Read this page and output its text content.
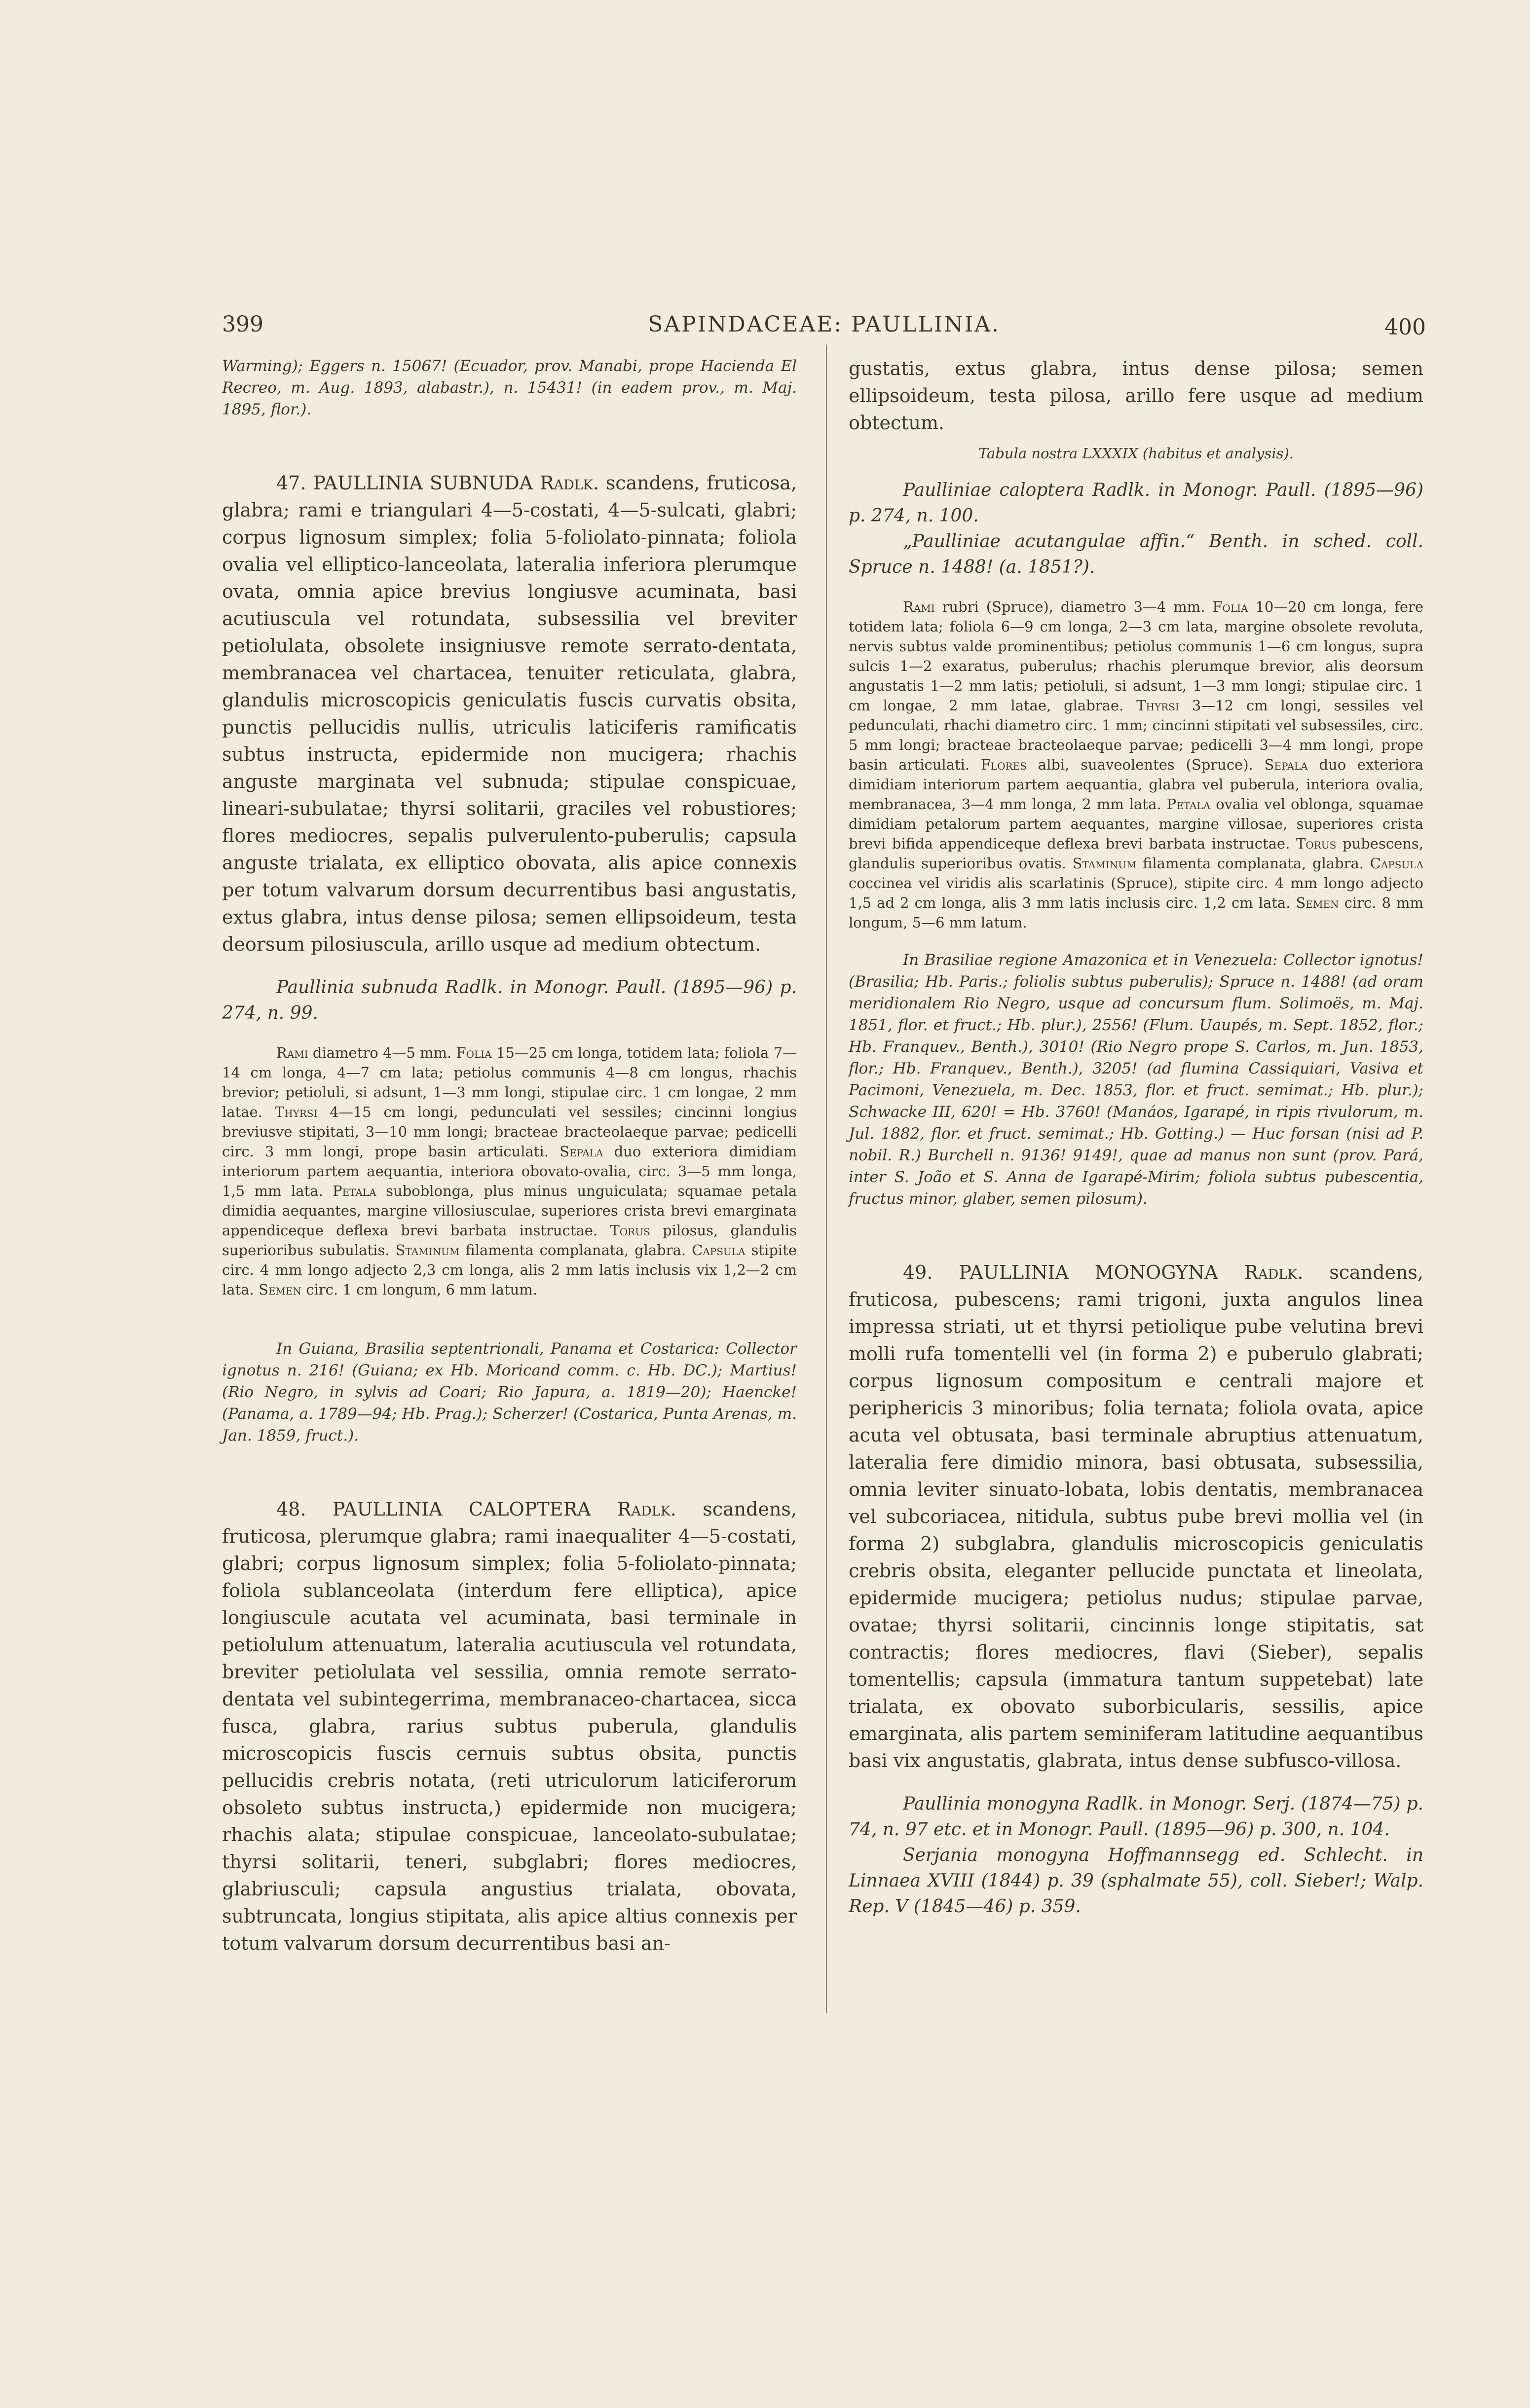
399	SAPINDACEAE: PAULLINIA.	400

Warming); Eggers n. 15067! (Ecuador, prov. Manabi, prope Hacienda El Recreo, m. Aug. 1893, alabastr.), n. 15431! (in eadem prov., m. Maj. 1895, flor.).

47. PAULLINIA SUBNUDA Radlk. scandens, fruticosa, glabra; rami e triangulari 4—5-costati, 4—5-sulcati, glabri; corpus lignosum simplex; folia 5-foliolato-pinnata; foliola ovalia vel elliptico-lanceolata, lateralia inferiora plerumque ovata, omnia apice brevius longiusve acuminata, basi acutiuscula vel rotundata, subsessilia vel breviter petiolulata, obsolete insigniusve remote serrato-dentata, membranacea vel chartacea, tenuiter reticulata, glabra, glandulis microscopicis geniculatis fuscis curvatis obsita, punctis pellucidis nullis, utriculis laticiferis ramificatis subtus instructa, epidermide non mucigera; rhachis anguste marginata vel subnuda; stipulae conspicuae, lineari-subulatae; thyrsi solitarii, graciles vel robustiores; flores mediocres, sepalis pulverulento-puberulis; capsula anguste trialata, ex elliptico obovata, alis apice connexis per totum valvarum dorsum decurrentibus basi angustatis, extus glabra, intus dense pilosa; semen ellipsoideum, testa deorsum pilosiuscula, arillo usque ad medium obtectum.

Paullinia subnuda Radlk. in Monogr. Paull. (1895—96) p. 274, n. 99.

Rami diametro 4—5 mm. Folia 15—25 cm longa, totidem lata; foliola 7—14 cm longa, 4—7 cm lata; petiolus communis 4—8 cm longus, rhachis brevior; petioluli, si adsunt, 1—3 mm longi, stipulae circ. 1 cm longae, 2 mm latae. Thyrsi 4—15 cm longi, pedunculati vel sessiles; cincinni longius breviusve stipitati, 3—10 mm longi; bracteae bracteolaeque parvae; pedicelli circ. 3 mm longi, prope basin articulati. Sepala duo exteriora dimidiam interiorum partem aequantia, interiora obovato-ovalia, circ. 3—5 mm longa, 1,5 mm lata. Petala suboblonga, plus minus unguiculata; squamae petala dimidia aequantes, margine villosiusculae, superiores crista brevi emarginata appendiceque deflexa brevi barbata instructae. Torus pilosus, glandulis superioribus subulatis. Staminum filamenta complanata, glabra. Capsula stipite circ. 4 mm longo adjecto 2,3 cm longa, alis 2 mm latis inclusis vix 1,2—2 cm lata. Semen circ. 1 cm longum, 6 mm latum.

In Guiana, Brasilia septentrionali, Panama et Costarica: Collector ignotus n. 216! (Guiana; ex Hb. Moricand comm. c. Hb. DC.); Martius! (Rio Negro, in sylvis ad Coari; Rio Japura, a. 1819—20); Haencke! (Panama, a. 1789—94; Hb. Prag.); Scherzer! (Costarica, Punta Arenas, m. Jan. 1859, fruct.).

48. PAULLINIA CALOPTERA Radlk. scandens, fruticosa, plerumque glabra; rami inaequaliter 4—5-costati, glabri; corpus lignosum simplex; folia 5-foliolato-pinnata; foliola sublanceolata (interdum fere elliptica), apice longiuscule acutata vel acuminata, basi terminale in petiolulum attenuatum, lateralia acutiuscula vel rotundata, breviter petiolulata vel sessilia, omnia remote serrato-dentata vel subintegerrima, membranaceo-chartacea, sicca fusca, glabra, rarius subtus puberula, glandulis microscopicis fuscis cernuis subtus obsita, punctis pellucidis crebris notata, (reti utriculorum laticiferorum obsoleto subtus instructa,) epidermide non mucigera; rhachis alata; stipulae conspicuae, lanceolato-subulatae; thyrsi solitarii, teneri, subglabri; flores mediocres, glabriusculi; capsula angustius trialata, obovata, subtruncata, longius stipitata, alis apice altius connexis per totum valvarum dorsum decurrentibus basi an-

gustatis, extus glabra, intus dense pilosa; semen ellipsoideum, testa pilosa, arillo fere usque ad medium obtectum.

Tabula nostra LXXXIX (habitus et analysis).

Paulliniae caloptera Radlk. in Monogr. Paull. (1895—96) p. 274, n. 100.

„Paulliniae acutangulae affin.“ Benth. in sched. coll. Spruce n. 1488! (a. 1851?).

Rami rubri (Spruce), diametro 3—4 mm. Folia 10—20 cm longa, fere totidem lata; foliola 6—9 cm longa, 2—3 cm lata, margine obsolete revoluta, nervis subtus valde prominentibus; petiolus communis 1—6 cm longus, supra sulcis 1—2 exaratus, puberulus; rhachis plerumque brevior, alis deorsum angustatis 1—2 mm latis; petioluli, si adsunt, 1—3 mm longi; stipulae circ. 1 cm longae, 2 mm latae, glabrae. Thyrsi 3—12 cm longi, sessiles vel pedunculati, rhachi diametro circ. 1 mm; cincinni stipitati vel subsessiles, circ. 5 mm longi; bracteae bracteolaeque parvae; pedicelli 3—4 mm longi, prope basin articulati. Flores albi, suaveolentes (Spruce). Sepala duo exteriora dimidiam interiorum partem aequantia, glabra vel puberula, interiora ovalia, membranacea, 3—4 mm longa, 2 mm lata. Petala ovalia vel oblonga, squamae dimidiam petalorum partem aequantes, margine villosae, superiores crista brevi bifida appendiceque deflexa brevi barbata instructae. Torus pubescens, glandulis superioribus ovatis. Staminum filamenta complanata, glabra. Capsula coccinea vel viridis alis scarlatinis (Spruce), stipite circ. 4 mm longo adjecto 1,5 ad 2 cm longa, alis 3 mm latis inclusis circ. 1,2 cm lata. Semen circ. 8 mm longum, 5—6 mm latum.

In Brasiliae regione Amazonica et in Venezuela: Collector ignotus! (Brasilia; Hb. Paris.; foliolis subtus puberulis); Spruce n. 1488! (ad oram meridionalem Rio Negro, usque ad concursum flum. Solimoës, m. Maj. 1851, flor. et fruct.; Hb. plur.), 2556! (Flum. Uaupés, m. Sept. 1852, flor.; Hb. Franquev., Benth.), 3010! (Rio Negro prope S. Carlos, m. Jun. 1853, flor.; Hb. Franquev., Benth.), 3205! (ad flumina Cassiquiari, Vasiva et Pacimoni, Venezuela, m. Dec. 1853, flor. et fruct. semimat.; Hb. plur.); Schwacke III, 620! = Hb. 3760! (Manáos, Igarapé, in ripis rivulorum, m. Jul. 1882, flor. et fruct. semimat.; Hb. Gotting.) — Huc forsan (nisi ad P. nobil. R.) Burchell n. 9136! 9149!, quae ad manus non sunt (prov. Pará, inter S. João et S. Anna de Igarapé-Mirim; foliola subtus pubescentia, fructus minor, glaber, semen pilosum).

49. PAULLINIA MONOGYNA Radlk. scandens, fruticosa, pubescens; rami trigoni, juxta angulos linea impressa striati, ut et thyrsi petiolique pube velutina brevi molli rufa tomentelli vel (in forma 2) e puberulo glabrati; corpus lignosum compositum e centrali majore et periphericis 3 minoribus; folia ternata; foliola ovata, apice acuta vel obtusata, basi terminale abruptius attenuatum, lateralia fere dimidio minora, basi obtusata, subsessilia, omnia leviter sinuato-lobata, lobis dentatis, membranacea vel subcoriacea, nitidula, subtus pube brevi mollia vel (in forma 2) subglabra, glandulis microscopicis geniculatis crebris obsita, eleganter pellucide punctata et lineolata, epidermide mucigera; petiolus nudus; stipulae parvae, ovatae; thyrsi solitarii, cincinnis longe stipitatis, sat contractis; flores mediocres, flavi (Sieber), sepalis tomentellis; capsula (immatura tantum suppetebat) late trialata, ex obovato suborbicularis, sessilis, apice emarginata, alis partem seminiferam latitudine aequantibus basi vix angustatis, glabrata, intus dense subfusco-villosa.

Paullinia monogyna Radlk. in Monogr. Serj. (1874—75) p. 74, n. 97 etc. et in Monogr. Paull. (1895—96) p. 300, n. 104.

Serjania monogyna Hoffmannsegg ed. Schlecht. in Linnaea XVIII (1844) p. 39 (sphalmate 55), coll. Sieber!; Walp. Rep. V (1845—46) p. 359.
